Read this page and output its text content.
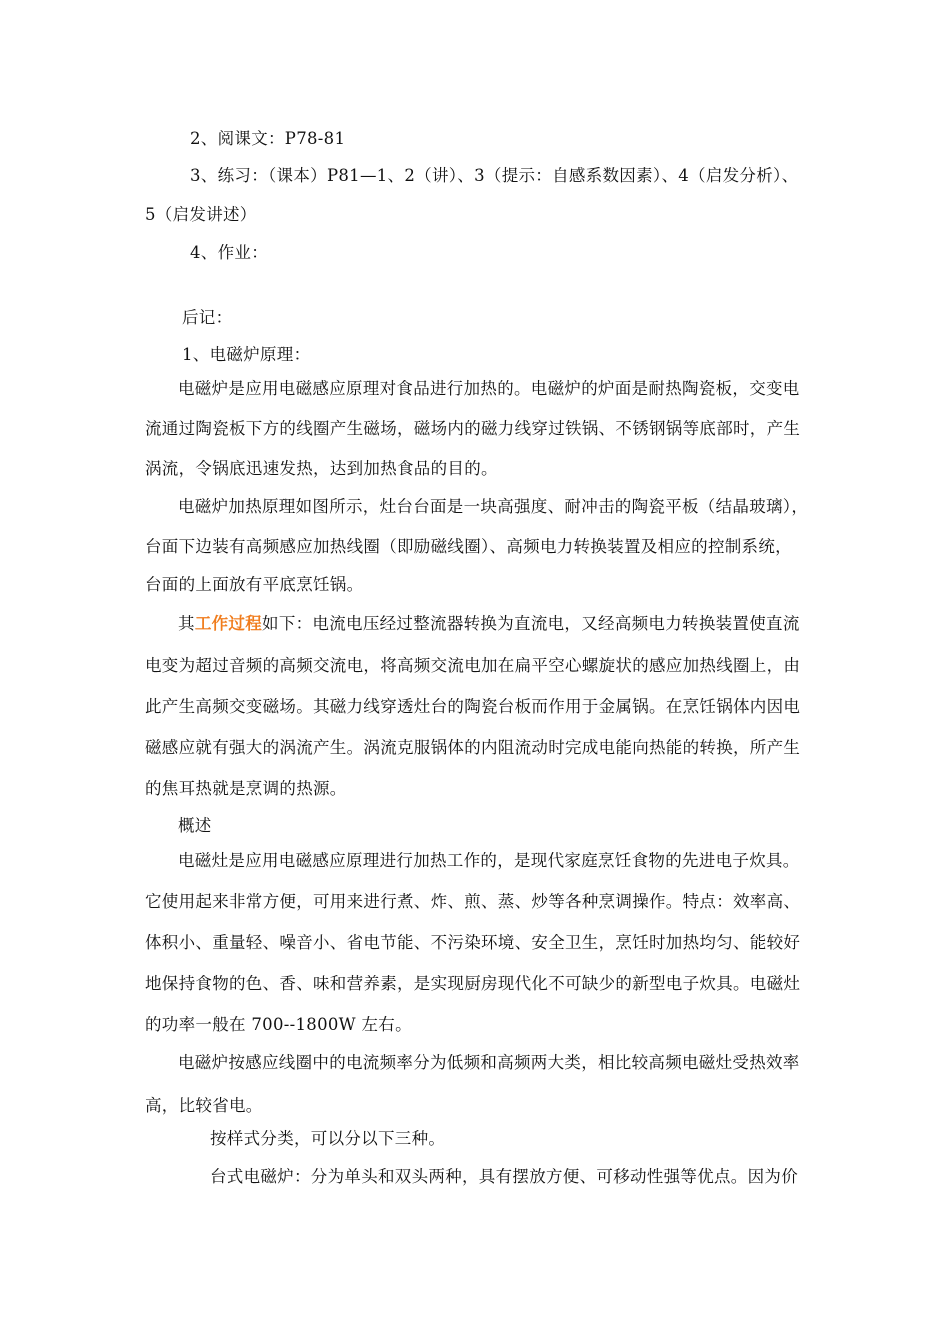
2、阅课文：P78-81
3、练习：（课本）P81—1、2（讲）、3（提示：自感系数因素）、4（启发分析）、
5（启发讲述）
4、作业：
后记：
1、电磁炉原理：
电磁炉是应用电磁感应原理对食品进行加热的。电磁炉的炉面是耐热陶瓷板，交变电
流通过陶瓷板下方的线圈产生磁场，磁场内的磁力线穿过铁锅、不锈钢锅等底部时，产生
涡流，令锅底迅速发热，达到加热食品的目的。
电磁炉加热原理如图所示，灶台台面是一块高强度、耐冲击的陶瓷平板（结晶玻璃），
台面下边装有高频感应加热线圈（即励磁线圈）、高频电力转换装置及相应的控制系统，
台面的上面放有平底烹饪锅。
其工作过程如下：电流电压经过整流器转换为直流电，又经高频电力转换装置使直流
电变为超过音频的高频交流电，将高频交流电加在扁平空心螺旋状的感应加热线圈上，由
此产生高频交变磁场。其磁力线穿透灶台的陶瓷台板而作用于金属锅。在烹饪锅体内因电
磁感应就有强大的涡流产生。涡流克服锅体的内阻流动时完成电能向热能的转换，所产生
的焦耳热就是烹调的热源。
概述
电磁灶是应用电磁感应原理进行加热工作的，是现代家庭烹饪食物的先进电子炊具。
它使用起来非常方便，可用来进行煮、炸、煎、蒸、炒等各种烹调操作。特点：效率高、
体积小、重量轻、噪音小、省电节能、不污染环境、安全卫生，烹饪时加热均匀、能较好
地保持食物的色、香、味和营养素，是实现厨房现代化不可缺少的新型电子炊具。电磁灶
的功率一般在 700--1800W 左右。
电磁炉按感应线圈中的电流频率分为低频和高频两大类，相比较高频电磁灶受热效率
高，比较省电。
按样式分类，可以分以下三种。
台式电磁炉：分为单头和双头两种，具有摆放方便、可移动性强等优点。因为价
